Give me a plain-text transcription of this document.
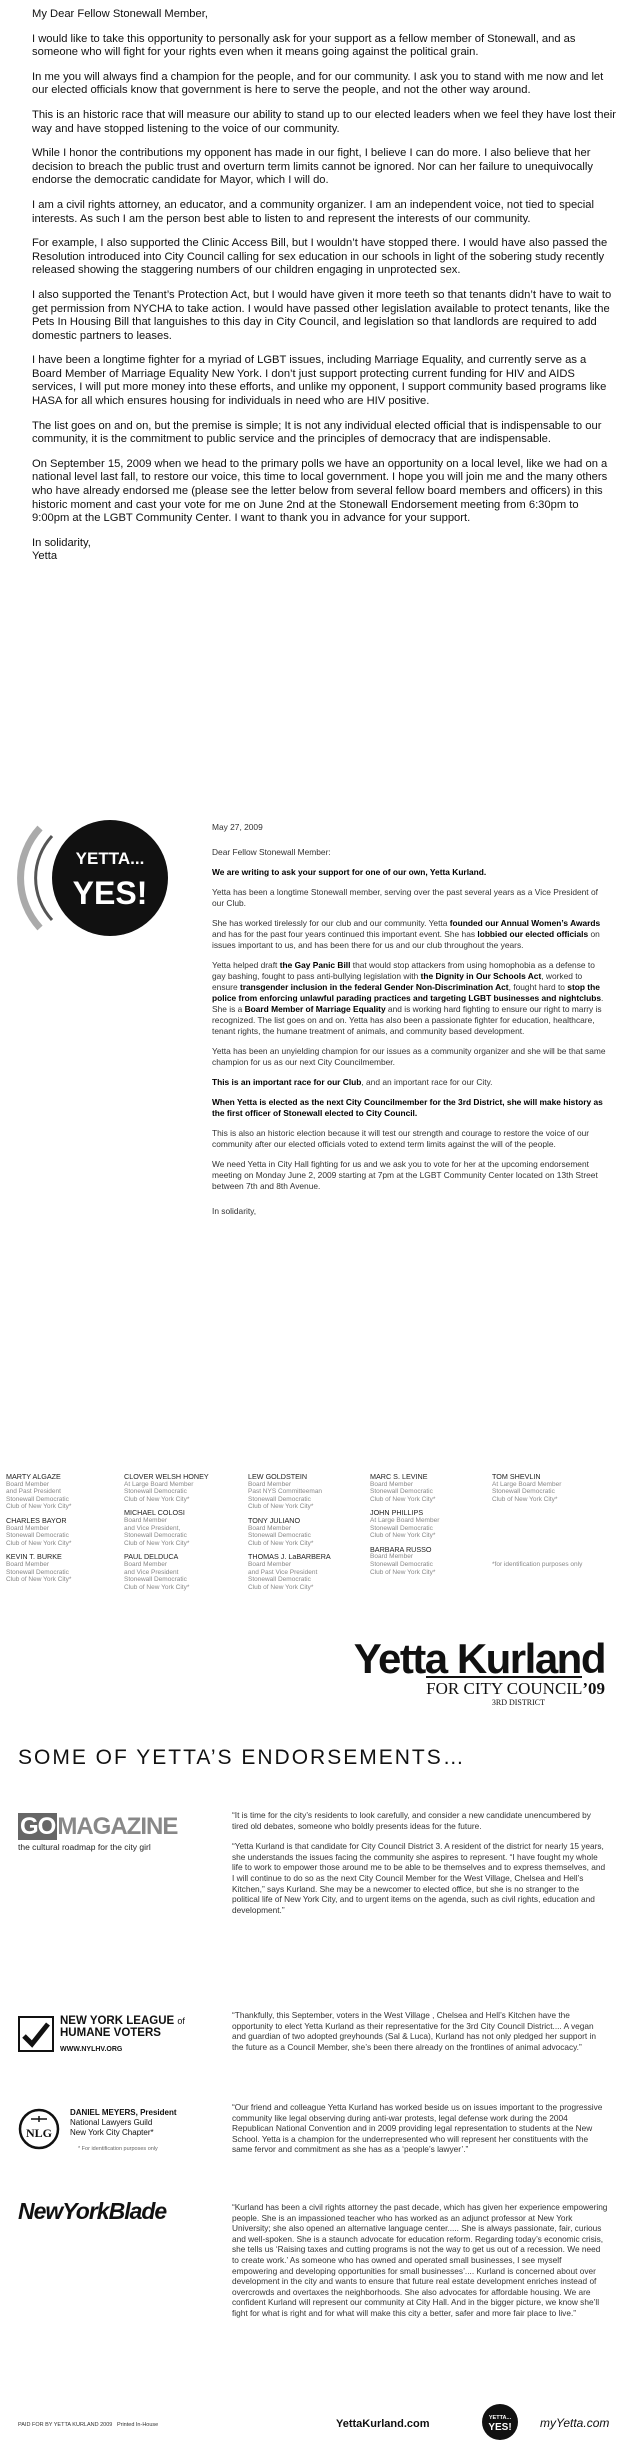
My Dear Fellow Stonewall Member,

I would like to take this opportunity to personally ask for your support as a fellow member of Stonewall, and as someone who will fight for your rights even when it means going against the political grain.

In me you will always find a champion for the people, and for our community. I ask you to stand with me now and let our elected officials know that government is here to serve the people, and not the other way around.

This is an historic race that will measure our ability to stand up to our elected leaders when we feel they have lost their way and have stopped listening to the voice of our community.

While I honor the contributions my opponent has made in our fight, I believe I can do more. I also believe that her decision to breach the public trust and overturn term limits cannot be ignored. Nor can her failure to unequivocally endorse the democratic candidate for Mayor, which I will do.

I am a civil rights attorney, an educator, and a community organizer. I am an independent voice, not tied to special interests. As such I am the person best able to listen to and represent the interests of our community.

For example, I also supported the Clinic Access Bill, but I wouldn’t have stopped there. I would have also passed the Resolution introduced into City Council calling for sex education in our schools in light of the sobering study recently released showing the staggering numbers of our children engaging in unprotected sex.

I also supported the Tenant’s Protection Act, but I would have given it more teeth so that tenants didn’t have to wait to get permission from NYCHA to take action. I would have passed other legislation available to protect tenants, like the Pets In Housing Bill that languishes to this day in City Council, and legislation so that landlords are required to add domestic partners to leases.

I have been a longtime fighter for a myriad of LGBT issues, including Marriage Equality, and currently serve as a Board Member of Marriage Equality New York. I don’t just support protecting current funding for HIV and AIDS services, I will put more money into these efforts, and unlike my opponent, I support community based programs like HASA for all which ensures housing for individuals in need who are HIV positive.

The list goes on and on, but the premise is simple; It is not any individual elected official that is indispensable to our community, it is the commitment to public service and the principles of democracy that are indispensable.

On September 15, 2009 when we head to the primary polls we have an opportunity on a local level, like we had on a national level last fall, to restore our voice, this time to local government. I hope you will join me and the many others who have already endorsed me (please see the letter below from several fellow board members and officers) in this historic moment and cast your vote for me on June 2nd at the Stonewall Endorsement meeting from 6:30pm to 9:00pm at the LGBT Community Center. I want to thank you in advance for your support.

In solidarity,

Yetta

YETTA...
YES!

May 27, 2009

Dear Fellow Stonewall Member:

We are writing to ask your support for one of our own, Yetta Kurland.

Yetta has been a longtime Stonewall member, serving over the past several years as a Vice President of our Club.

She has worked tirelessly for our club and our community. Yetta founded our Annual Women’s Awards and has for the past four years continued this important event. She has lobbied our elected officials on issues important to us, and has been there for us and our club throughout the years.

Yetta helped draft the Gay Panic Bill that would stop attackers from using homophobia as a defense to gay bashing, fought to pass anti-bullying legislation with the Dignity in Our Schools Act, worked to ensure transgender inclusion in the federal Gender Non-Discrimination Act, fought hard to stop the police from enforcing unlawful parading practices and targeting LGBT businesses and nightclubs. She is a Board Member of Marriage Equality and is working hard fighting to ensure our right to marry is recognized. The list goes on and on. Yetta has also been a passionate fighter for education, healthcare, tenant rights, the humane treatment of animals, and community based development.

Yetta has been an unyielding champion for our issues as a community organizer and she will be that same champion for us as our next City Councilmember.

This is an important race for our Club, and an important race for our City.

When Yetta is elected as the next City Councilmember for the 3rd District, she will make history as the first officer of Stonewall elected to City Council.

This is also an historic election because it will test our strength and courage to restore the voice of our community after our elected officials voted to extend term limits against the will of the people.

We need Yetta in City Hall fighting for us and we ask you to vote for her at the upcoming endorsement meeting on Monday June 2, 2009 starting at 7pm at the LGBT Community Center located on 13th Street between 7th and 8th Avenue.

In solidarity,

MARTY ALGAZE
Board Member
and Past President
Stonewall Democratic
Club of New York City*
CHARLES BAYOR
Board Member
Stonewall Democratic
Club of New York City*
KEVIN T. BURKE
Board Member
Stonewall Democratic
Club of New York City*
CLOVER WELSH HONEY
At Large Board Member
Stonewall Democratic
Club of New York City*
MICHAEL COLOSI
Board Member
and Vice President,
Stonewall Democratic
Club of New York City*
PAUL DELDUCA
Board Member
and Vice President
Stonewall Democratic
Club of New York City*
LEW GOLDSTEIN
Board Member
Past NYS Committeeman
Stonewall Democratic
Club of New York City*
TONY JULIANO
Board Member
Stonewall Democratic
Club of New York City*
THOMAS J. LaBARBERA
Board Member
and Past Vice President
Stonewall Democratic
Club of New York City*
MARC S. LEVINE
Board Member
Stonewall Democratic
Club of New York City*
JOHN PHILLIPS
At Large Board Member
Stonewall Democratic
Club of New York City*
BARBARA RUSSO
Board Member
Stonewall Democratic
Club of New York City*
TOM SHEVLIN
At Large Board Member
Stonewall Democratic
Club of New York City*
*for identification purposes only
Yetta Kurland
FOR CITY COUNCIL’09
3RD DISTRICT
SOME OF YETTA’S ENDORSEMENTS…
GOMAGAZINE
the cultural roadmap for the city girl

“It is time for the city’s residents to look carefully, and consider a new candidate unencumbered by tired old debates, someone who boldly presents ideas for the future.

“Yetta Kurland is that candidate for City Council District 3. A resident of the district for nearly 15 years, she understands the issues facing the community she aspires to represent. “I have fought my whole life to work to empower those around me to be able to be themselves and to express themselves, and I will continue to do so as the next City Council Member for the West Village, Chelsea and Hell’s Kitchen,” says Kurland. She may be a newcomer to elected office, but she is no stranger to the political life of New York City, and to urgent items on the agenda, such as civil rights, education and development.”

NEW YORK LEAGUE of
HUMANE VOTERS
WWW.NYLHV.ORG
“Thankfully, this September, voters in the West Village , Chelsea and Hell’s Kitchen have the opportunity to elect Yetta Kurland as their representative for the 3rd City Council District.... A vegan and guardian of two adopted greyhounds (Sal & Luca), Kurland has not only pledged her support in the future as a Council Member, she’s been there already on the frontlines of animal advocacy.”
NLG
DANIEL MEYERS, President
National Lawyers Guild
New York City Chapter*
* For identification purposes only
“Our friend and colleague Yetta Kurland has worked beside us on issues important to the progressive community like legal observing during anti-war protests, legal defense work during the 2004 Republican National Convention and in 2009 providing legal representation to students at the New School. Yetta is a champion for the underrepresented who will represent her constituents with the same fervor and commitment as she has as a ‘people’s lawyer’.”
NewYorkBlade	“Kurland has been a civil rights attorney the past decade, which has given her experience empowering people. She is an impassioned teacher who has worked as an adjunct professor at New York University; she also opened an alternative language center..... She is always passionate, fair, curious and well-spoken. She is a staunch advocate for education reform. Regarding today’s economic crisis, she tells us ‘Raising taxes and cutting programs is not the way to get us out of a recession. We need to create work.’ As someone who has owned and operated small businesses, I see myself empowering and developing opportunities for small businesses’.... Kurland is concerned about over development in the city and wants to ensure that future real estate development enriches instead of overcrowds and overtaxes the neighborhoods. She also advocates for affordable housing. We are confident Kurland will represent our community at City Hall. And in the bigger picture, we know she’ll fight for what is right and for what will make this city a better, safer and more fair place to live.”
PAID FOR BY YETTA KURLAND 2009 Printed In-House	YettaKurland.com	YETTA...
YES! myYetta.com
